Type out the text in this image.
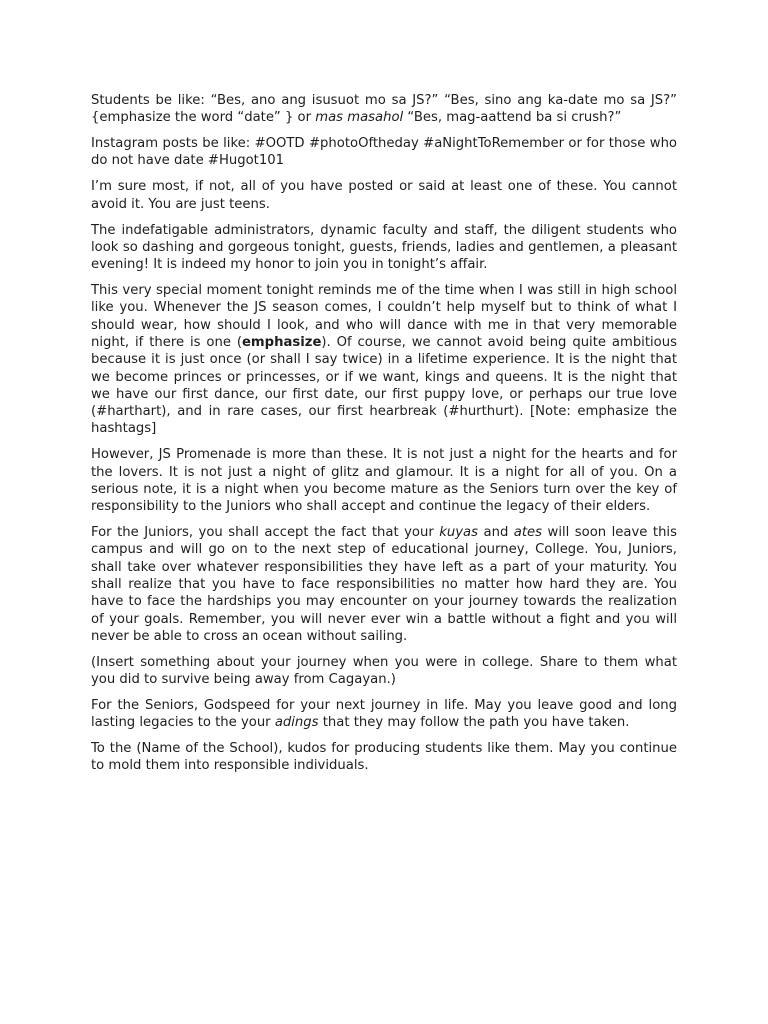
Students be like: “Bes, ano ang isusuot mo sa JS?” “Bes, sino ang ka-date mo sa JS?” {emphasize the word “date” } or mas masahol “Bes, mag-aattend ba si crush?”

Instagram posts be like: #OOTD #photoOftheday #aNightToRemember or for those who do not have date #Hugot101

I’m sure most, if not, all of you have posted or said at least one of these. You cannot avoid it. You are just teens.

The indefatigable administrators, dynamic faculty and staff, the diligent students who look so dashing and gorgeous tonight, guests, friends, ladies and gentlemen, a pleasant evening! It is indeed my honor to join you in tonight’s affair.

This very special moment tonight reminds me of the time when I was still in high school like you. Whenever the JS season comes, I couldn’t help myself but to think of what I should wear, how should I look, and who will dance with me in that very memorable night, if there is one (emphasize). Of course, we cannot avoid being quite ambitious because it is just once (or shall I say twice) in a lifetime experience. It is the night that we become princes or princesses, or if we want, kings and queens. It is the night that we have our first dance, our first date, our first puppy love, or perhaps our true love (#harthart), and in rare cases, our first hearbreak (#hurthurt). [Note: emphasize the hashtags]

However, JS Promenade is more than these. It is not just a night for the hearts and for the lovers. It is not just a night of glitz and glamour. It is a night for all of you. On a serious note, it is a night when you become mature as the Seniors turn over the key of responsibility to the Juniors who shall accept and continue the legacy of their elders.

For the Juniors, you shall accept the fact that your kuyas and ates will soon leave this campus and will go on to the next step of educational journey, College. You, Juniors, shall take over whatever responsibilities they have left as a part of your maturity. You shall realize that you have to face responsibilities no matter how hard they are. You have to face the hardships you may encounter on your journey towards the realization of your goals. Remember, you will never ever win a battle without a fight and you will never be able to cross an ocean without sailing.

(Insert something about your journey when you were in college. Share to them what you did to survive being away from Cagayan.)

For the Seniors, Godspeed for your next journey in life. May you leave good and long lasting legacies to the your adings that they may follow the path you have taken.

To the (Name of the School), kudos for producing students like them. May you continue to mold them into responsible individuals.
